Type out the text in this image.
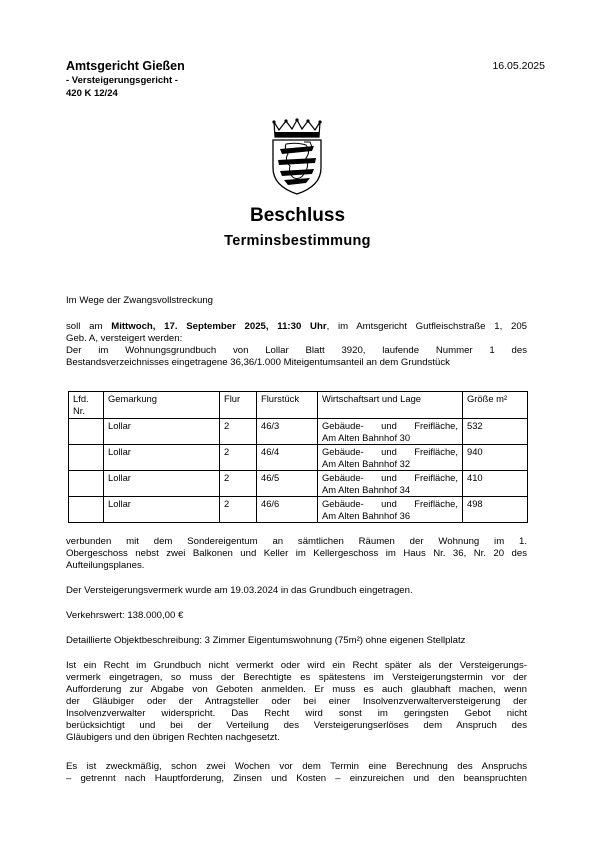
Amtsgericht Gießen
- Versteigerungsgericht -
420 K 12/24
16.05.2025
Beschluss
Terminsbestimmung
Im Wege der Zwangsvollstreckung
soll am Mittwoch, 17. September 2025, 11:30 Uhr, im Amtsgericht Gutfleischstraße 1, 205
Geb. A, versteigert werden:
Der im Wohnungsgrundbuch von Lollar Blatt 3920, laufende Nummer 1 des
Bestandsverzeichnisses eingetragene 36,36/1.000 Miteigentumsanteil an dem Grundstück
Lfd. Nr.	Gemarkung	Flur	Flurstück	Wirtschaftsart und Lage	Größe m²
	Lollar	2	46/3	Gebäude- und Freifläche,
Am Alten Bahnhof 30	532
	Lollar	2	46/4	Gebäude- und Freifläche,
Am Alten Bahnhof 32	940
	Lollar	2	46/5	Gebäude- und Freifläche,
Am Alten Bahnhof 34	410
	Lollar	2	46/6	Gebäude- und Freifläche,
Am Alten Bahnhof 36	498
verbunden mit dem Sondereigentum an sämtlichen Räumen der Wohnung im 1.
Obergeschoss nebst zwei Balkonen und Keller im Kellergeschoss im Haus Nr. 36, Nr. 20 des
Aufteilungsplanes.
Der Versteigerungsvermerk wurde am 19.03.2024 in das Grundbuch eingetragen.
Verkehrswert: 138.000,00 €
Detaillierte Objektbeschreibung: 3 Zimmer Eigentumswohnung (75m²) ohne eigenen Stellplatz
Ist ein Recht im Grundbuch nicht vermerkt oder wird ein Recht später als der Versteigerungs-
vermerk eingetragen, so muss der Berechtigte es spätestens im Versteigerungstermin vor der
Aufforderung zur Abgabe von Geboten anmelden. Er muss es auch glaubhaft machen, wenn
der Gläubiger oder der Antragsteller oder bei einer Insolvenzverwalterversteigerung der
Insolvenzverwalter widerspricht. Das Recht wird sonst im geringsten Gebot nicht
berücksichtigt und bei der Verteilung des Versteigerungserlöses dem Anspruch des
Gläubigers und den übrigen Rechten nachgesetzt.
Es ist zweckmäßig, schon zwei Wochen vor dem Termin eine Berechnung des Anspruchs
– getrennt nach Hauptforderung, Zinsen und Kosten – einzureichen und den beanspruchten
